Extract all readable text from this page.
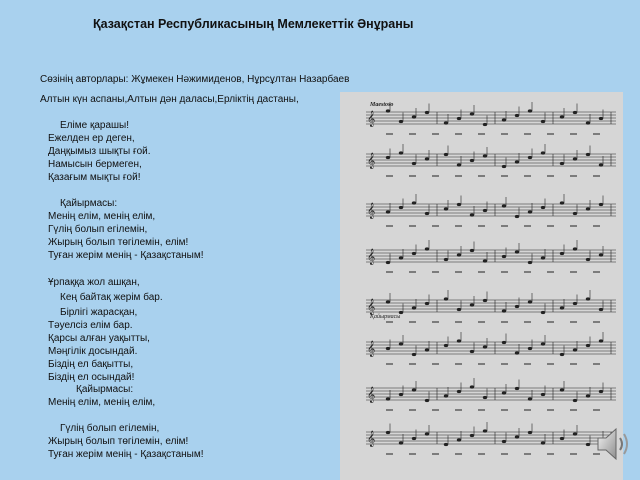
Қазақстан Республикасының Мемлекеттік Әнұраны
Сөзінің авторлары: Жұмекен Нәжимиденов, Нұрсұлтан Назарбаев
Алтын күн аспаны,Алтын дән даласы,Ерліктің дастаны,
Еліме қарашы!
Ежелден ер деген,
Даңқымыз шықты ғой.
Намысын бермеген,
Қазағым мықты ғой!
Қайырмасы:
Менің елім, менің елім,
Гүлің болып егілемін,
Жырың болып төгілемін, елім!
Туған жерім менің - Қазақстаным!
Ұрпаққа жол ашқан,
Кең байтақ жерім бар.
Бірлігі жарасқан,
Тәуелсіз елім бар.
Қарсы алған уақытты,
Мәңгілік досындай.
Біздің ел бақытты,
Біздің ел осындай!
Қайырмасы:
Менің елім, менің елім,
Гүлің болып егілемін,
Жырың болып төгілемін, елім!
Туған жерім менің - Қазақстаным!
Maestoso
Қайырмасы
𝄞
𝄞
𝄞
𝄞
𝄞
𝄞
𝄞
𝄞
